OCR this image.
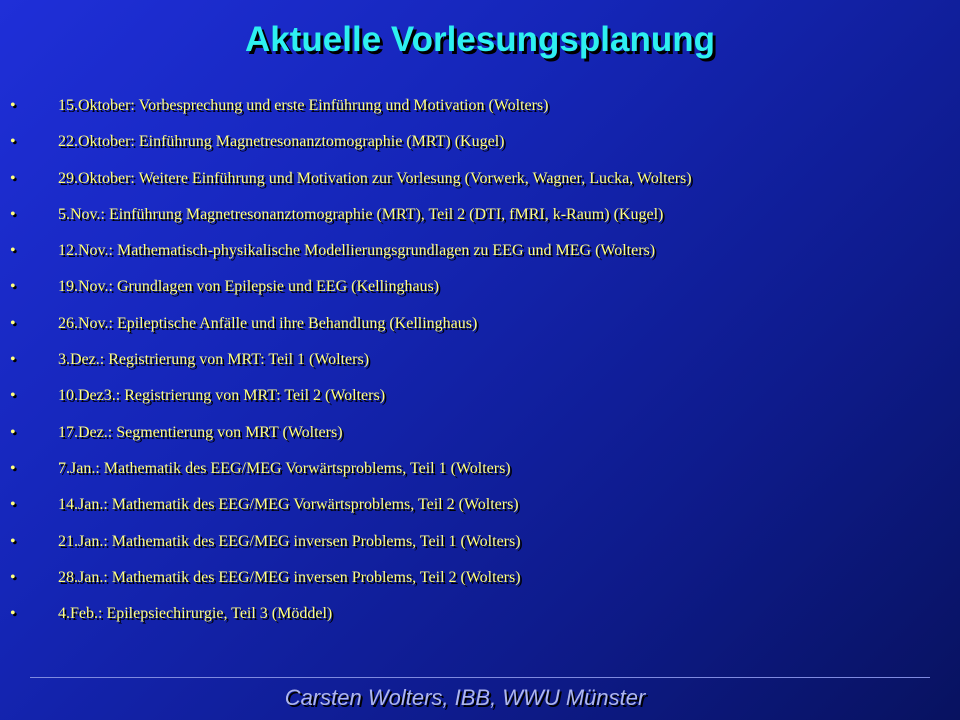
Aktuelle Vorlesungsplanung
•	15.Oktober: Vorbesprechung und erste Einführung und Motivation (Wolters)
•	22.Oktober: Einführung Magnetresonanztomographie (MRT) (Kugel)
•	29.Oktober: Weitere Einführung und Motivation zur Vorlesung (Vorwerk, Wagner, Lucka, Wolters)
•	5.Nov.: Einführung Magnetresonanztomographie (MRT), Teil 2 (DTI, fMRI, k-Raum) (Kugel)
•	12.Nov.: Mathematisch-physikalische Modellierungsgrundlagen zu EEG und MEG (Wolters)
•	19.Nov.: Grundlagen von Epilepsie und EEG (Kellinghaus)
•	26.Nov.: Epileptische Anfälle und ihre Behandlung (Kellinghaus)
•	3.Dez.: Registrierung von MRT: Teil 1 (Wolters)
•	10.Dez3.: Registrierung von MRT: Teil 2 (Wolters)
•	17.Dez.: Segmentierung von MRT (Wolters)
•	7.Jan.: Mathematik des EEG/MEG Vorwärtsproblems, Teil 1 (Wolters)
•	14.Jan.: Mathematik des EEG/MEG Vorwärtsproblems, Teil 2 (Wolters)
•	21.Jan.: Mathematik des EEG/MEG inversen Problems, Teil 1 (Wolters)
•	28.Jan.: Mathematik des EEG/MEG inversen Problems, Teil 2 (Wolters)
•	4.Feb.: Epilepsiechirurgie, Teil 3 (Möddel)
Carsten Wolters, IBB, WWU Münster
